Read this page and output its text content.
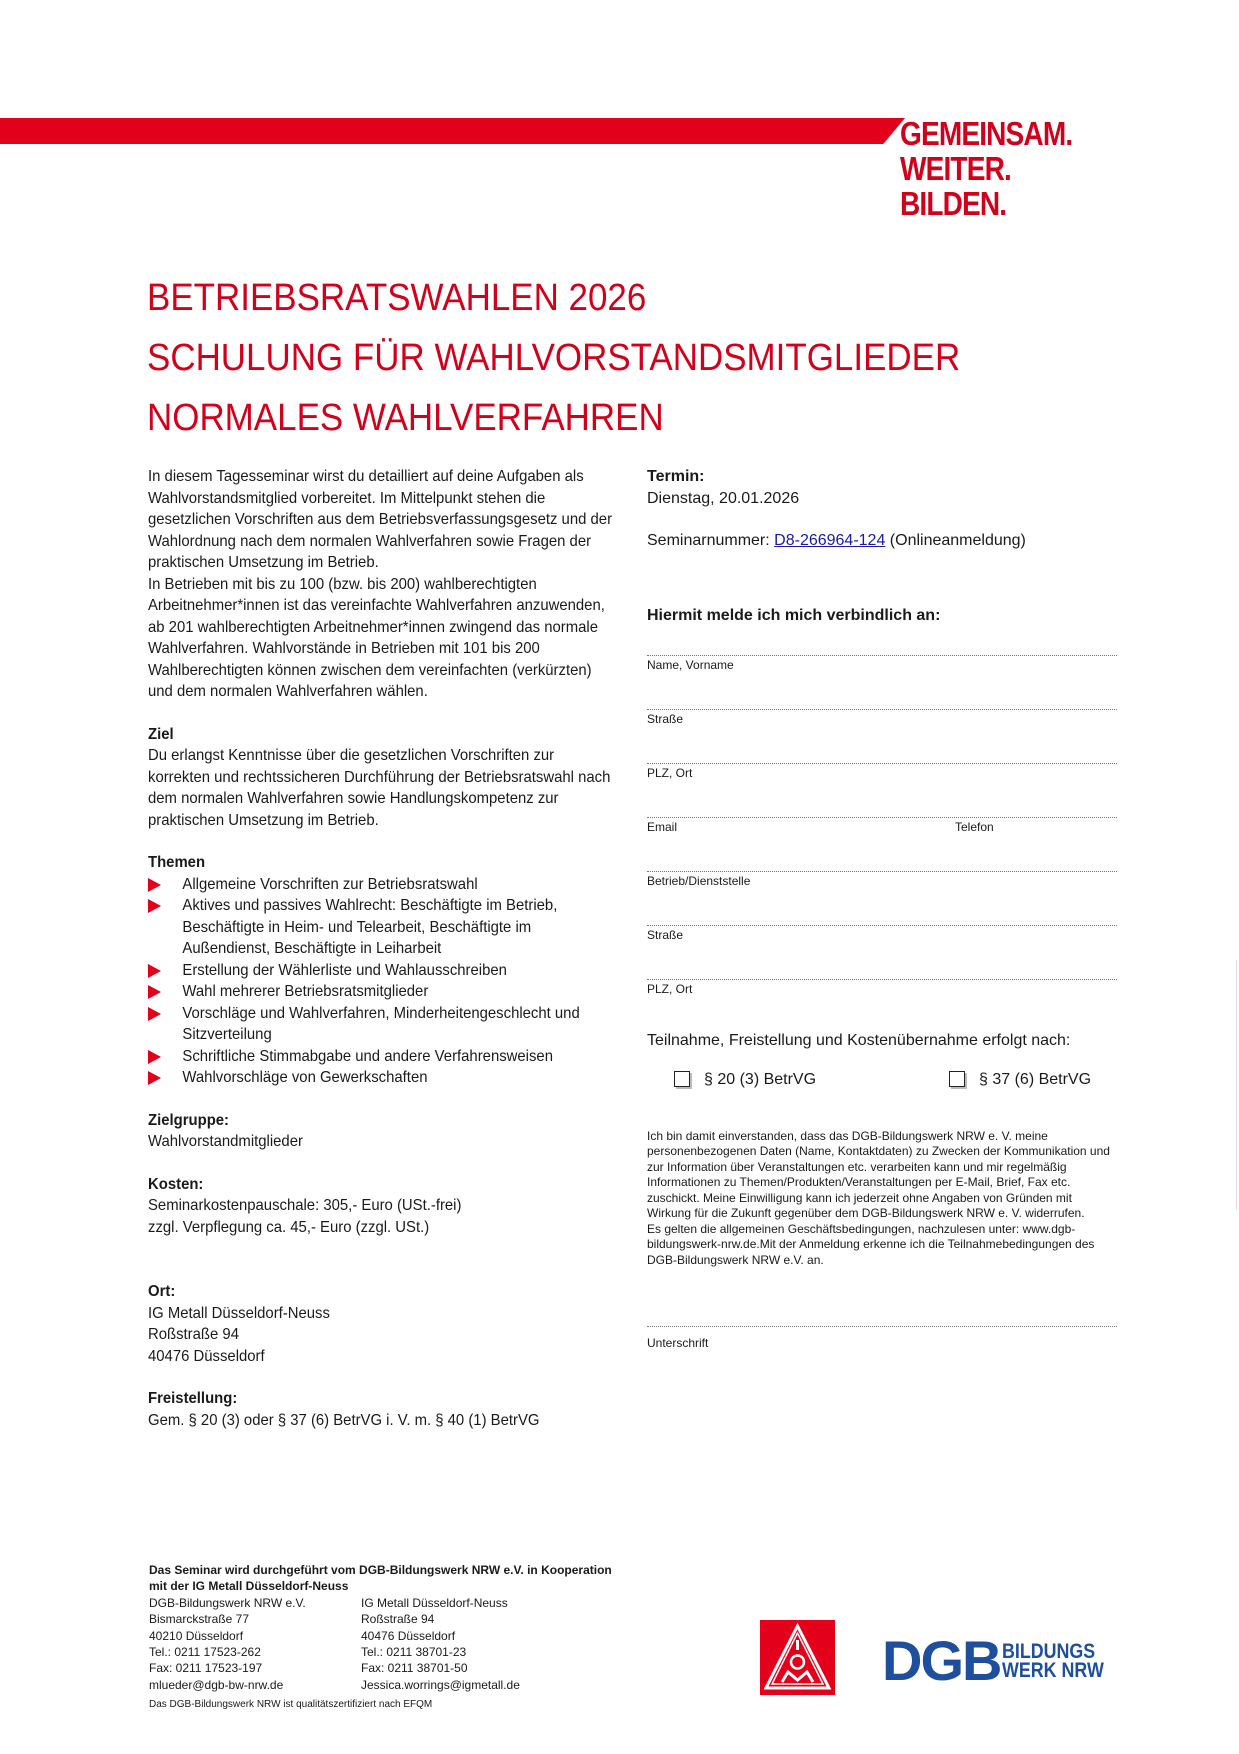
GEMEINSAM.
WEITER.
BILDEN.
BETRIEBSRATSWAHLEN 2026
SCHULUNG FÜR WAHLVORSTANDSMITGLIEDER
NORMALES WAHLVERFAHREN

In diesem Tagesseminar wirst du detailliert auf deine Aufgaben als Wahlvorstandsmitglied vorbereitet. Im Mittelpunkt stehen die gesetzlichen Vorschriften aus dem Betriebsverfassungsgesetz und der Wahlordnung nach dem normalen Wahlverfahren sowie Fragen der praktischen Umsetzung im Betrieb.

In Betrieben mit bis zu 100 (bzw. bis 200) wahlberechtigten Arbeitnehmer*innen ist das vereinfachte Wahlverfahren anzuwenden, ab 201 wahlberechtigten Arbeitnehmer*innen zwingend das normale Wahlverfahren. Wahlvorstände in Betrieben mit 101 bis 200 Wahlberechtigten können zwischen dem vereinfachten (verkürzten) und dem normalen Wahlverfahren wählen.

Ziel

Du erlangst Kenntnisse über die gesetzlichen Vorschriften zur korrekten und rechtssicheren Durchführung der Betriebsratswahl nach dem normalen Wahlverfahren sowie Handlungskompetenz zur praktischen Umsetzung im Betrieb.

Themen
Allgemeine Vorschriften zur Betriebsratswahl
Aktives und passives Wahlrecht: Beschäftigte im Betrieb, Beschäftigte in Heim- und Telearbeit, Beschäftigte im Außendienst, Beschäftigte in Leiharbeit
Erstellung der Wählerliste und Wahlausschreiben
Wahl mehrerer Betriebsratsmitglieder
Vorschläge und Wahlverfahren, Minderheitengeschlecht und Sitzverteilung
Schriftliche Stimmabgabe und andere Verfahrensweisen
Wahlvorschläge von Gewerkschaften
Zielgruppe:
Wahlvorstandmitglieder
Kosten:
Seminarkostenpauschale: 305,- Euro (USt.-frei)
zzgl. Verpflegung ca. 45,- Euro (zzgl. USt.)
Ort:
IG Metall Düsseldorf-Neuss
Roßstraße 94
40476 Düsseldorf
Freistellung:
Gem. § 20 (3) oder § 37 (6) BetrVG i. V. m. § 40 (1) BetrVG
Termin:
Dienstag, 20.01.2026
Seminarnummer: D8-266964-124 (Onlineanmeldung)
Hiermit melde ich mich verbindlich an:
Name, Vorname
Straße
PLZ, Ort
Email	Telefon
Betrieb/Dienststelle
Straße
PLZ, Ort
Teilnahme, Freistellung und Kostenübernahme erfolgt nach:
§ 20 (3) BetrVG	§ 37 (6) BetrVG
Ich bin damit einverstanden, dass das DGB-Bildungswerk NRW e. V. meine personenbezogenen Daten (Name, Kontaktdaten) zu Zwecken der Kommunikation und zur Information über Veranstaltungen etc. verarbeiten kann und mir regelmäßig Informationen zu Themen/Produkten/Veranstaltungen per E-Mail, Brief, Fax etc. zuschickt. Meine Einwilligung kann ich jederzeit ohne Angaben von Gründen mit Wirkung für die Zukunft gegenüber dem DGB-Bildungswerk NRW e. V. widerrufen.
Es gelten die allgemeinen Geschäftsbedingungen, nachzulesen unter: www.dgb-bildungswerk-nrw.de.Mit der Anmeldung erkenne ich die Teilnahmebedingungen des DGB-Bildungswerk NRW e.V. an.
Unterschrift
Das Seminar wird durchgeführt vom DGB-Bildungswerk NRW e.V. in Kooperation mit der IG Metall Düsseldorf-Neuss
DGB-Bildungswerk NRW e.V.
Bismarckstraße 77
40210 Düsseldorf
Tel.: 0211 17523-262
Fax: 0211 17523-197
mlueder@dgb-bw-nrw.de
IG Metall Düsseldorf-Neuss
Roßstraße 94
40476 Düsseldorf
Tel.: 0211 38701-23
Fax: 0211 38701-50
Jessica.worrings@igmetall.de
Das DGB-Bildungswerk NRW ist qualitätszertifiziert nach EFQM
DGB BILDUNGS
WERK NRW
